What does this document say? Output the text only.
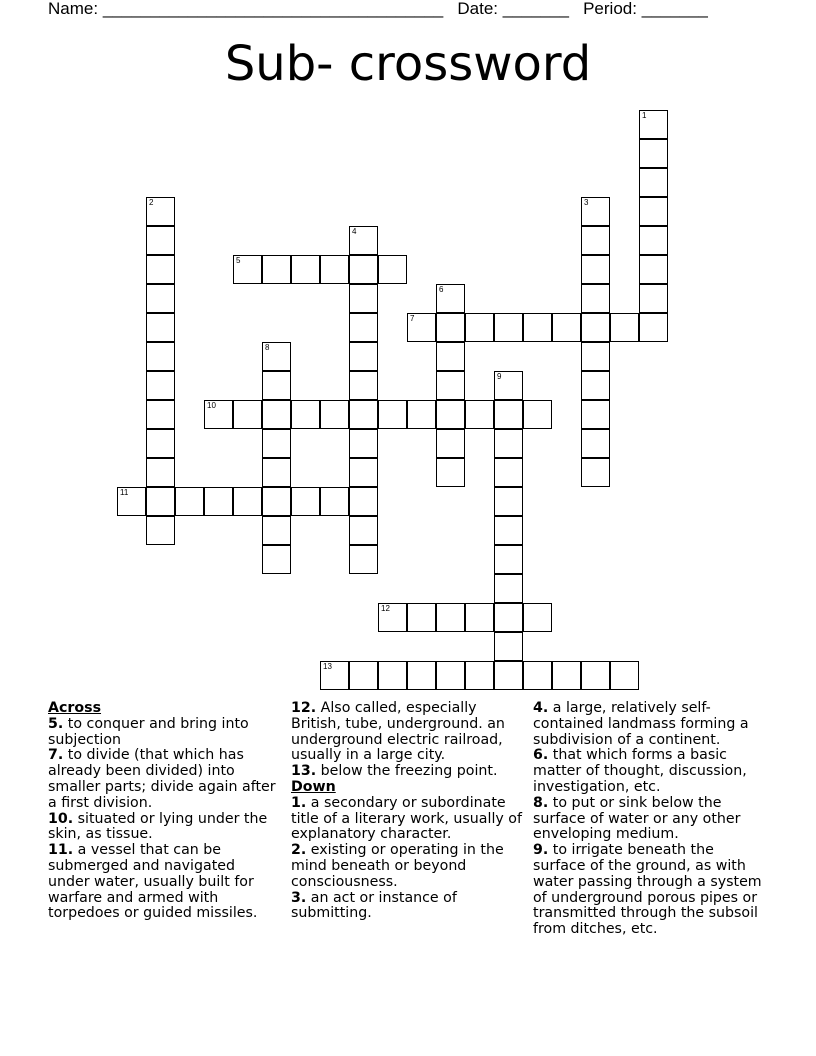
Name: ____________________________________ Date: _______ Period: _______
Sub- crossword
1
2	3
4
5
6
7
8
9
10
11
12
13
Across

5. to conquer and bring into subjection

7. to divide (that which has already been divided) into smaller parts; divide again after a first division.

10. situated or lying under the skin, as tissue.

11. a vessel that can be submerged and navigated under water, usually built for warfare and armed with torpedoes or guided missiles.

12. Also called, especially British, tube, underground. an underground electric railroad, usually in a large city.

13. below the freezing point.

Down

1. a secondary or subordinate title of a literary work, usually of explanatory character.

2. existing or operating in the mind beneath or beyond consciousness.

3. an act or instance of submitting.

4. a large, relatively self-contained landmass forming a subdivision of a continent.

6. that which forms a basic matter of thought, discussion, investigation, etc.

8. to put or sink below the surface of water or any other enveloping medium.

9. to irrigate beneath the surface of the ground, as with water passing through a system of underground porous pipes or transmitted through the subsoil from ditches, etc.
